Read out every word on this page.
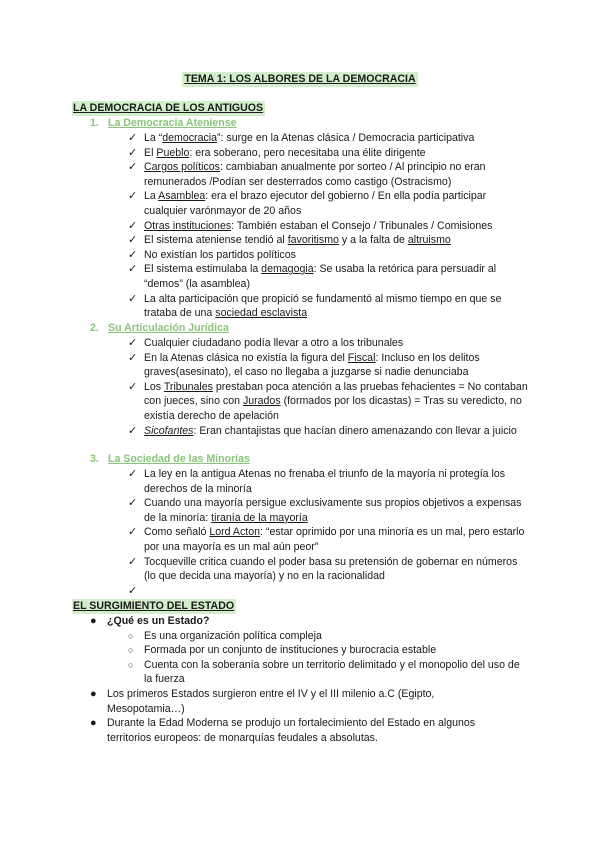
TEMA 1: LOS ALBORES DE LA DEMOCRACIA
LA DEMOCRACIA DE LOS ANTIGUOS
1. La Democracia Ateniense
✓ La “democracia”: surge en la Atenas clásica / Democracia participativa
✓ El Pueblo: era soberano, pero necesitaba una élite dirigente
✓ Cargos políticos: cambiaban anualmente por sorteo / Al principio no eran remunerados /Podían ser desterrados como castigo (Ostracismo)
✓ La Asamblea: era el brazo ejecutor del gobierno / En ella podía participar cualquier varónmayor de 20 años
✓ Otras instituciones: También estaban el Consejo / Tribunales / Comisiones
✓ El sistema ateniense tendió al favoritismo y a la falta de altruismo
✓ No existían los partidos políticos
✓ El sistema estimulaba la demagogia: Se usaba la retórica para persuadir al “demos” (la asamblea)
✓ La alta participación que propició se fundamentó al mismo tiempo en que se trataba de una sociedad esclavista
2. Su Articulación Jurídica
✓ Cualquier ciudadano podía llevar a otro a los tribunales
✓ En la Atenas clásica no existía la figura del Fiscal: Incluso en los delitos graves(asesinato), el caso no llegaba a juzgarse si nadie denunciaba
✓ Los Tribunales prestaban poca atención a las pruebas fehacientes = No contaban con jueces, sino con Jurados (formados por los dicastas) = Tras su veredicto, no existía derecho de apelación
✓ Sicofantes: Eran chantajistas que hacían dinero amenazando con llevar a juicio
3. La Sociedad de las Minorías
✓ La ley en la antigua Atenas no frenaba el triunfo de la mayoría ni protegía los derechos de la minoría
✓ Cuando una mayoría persigue exclusivamente sus propios objetivos a expensas de la minoría: tiranía de la mayoría
✓ Como señaló Lord Acton: “estar oprimido por una minoría es un mal, pero estarlo por una mayoría es un mal aún peor”
✓ Tocqueville critica cuando el poder basa su pretensión de gobernar en números (lo que decida una mayoría) y no en la racionalidad
✓

EL SURGIMIENTO DEL ESTADO
● ¿Qué es un Estado?
○ Es una organización política compleja
○ Formada por un conjunto de instituciones y burocracia estable
○ Cuenta con la soberanía sobre un territorio delimitado y el monopolio del uso de la fuerza
● Los primeros Estados surgieron entre el IV y el III milenio a.C (Egipto, Mesopotamia…)
● Durante la Edad Moderna se produjo un fortalecimiento del Estado en algunos territorios europeos: de monarquías feudales a absolutas.
